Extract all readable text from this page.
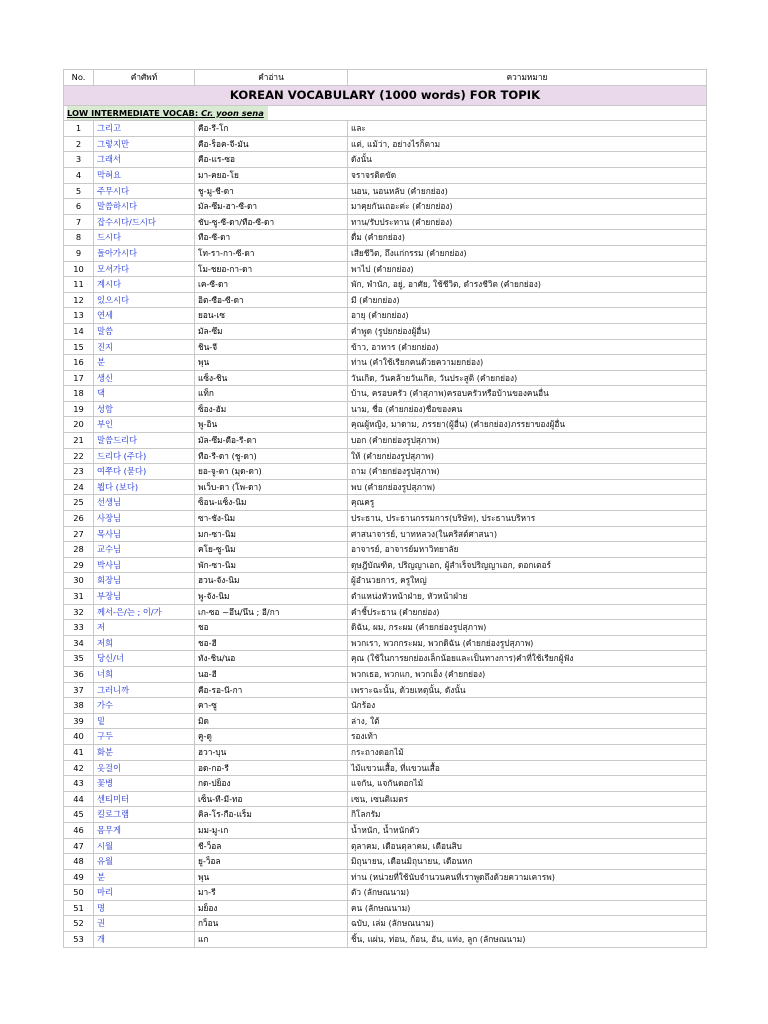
No.	คำศัพท์	คำอ่าน	ความหมาย
KOREAN VOCABULARY (1000 words) FOR TOPIK			
LOW INTERMEDIATE VOCAB: Cr. yoon sena			
1	그리고	คือ-รี-โก	และ
2	그렇지만	คือ-ร็อค-จี-มัน	แต่, แม้ว่า, อย่างไรก็ตาม
3	그래서	คือ-แร-ซอ	ดังนั้น
4	막혀요	มา-คยอ-โย	จราจรติดขัด
5	주무시다	ชู-มู-ชี-ดา	นอน, นอนหลับ (คำยกย่อง)
6	말씀하시다	มัล-ซึม-ฮา-ซี-ดา	มาคุยกันเถอะค่ะ (คำยกย่อง)
7	잡수시다/드시다	ชับ-ซู-ซี-ดา/ทือ-ซี-ดา	ทาน/รับประทาน (คำยกย่อง)
8	드시다	ทือ-ซี-ดา	ดื่ม (คำยกย่อง)
9	돌아가시다	โท-รา-กา-ซี-ดา	เสียชีวิต, ถึงแก่กรรม (คำยกย่อง)
10	모셔가다	โม-ชยอ-กา-ดา	พาไป (คำยกย่อง)
11	계시다	เค-ซี-ดา	พัก, พำนัก, อยู่, อาศัย, ใช้ชีวิต, ดำรงชีวิต (คำยกย่อง)
12	있으시다	อิต-ซือ-ซี-ดา	มี (คำยกย่อง)
13	연세	ยอน-เซ	อายุ (คำยกย่อง)
14	말씀	มัล-ซึม	คำพูด (รูปยกย่องผู้อื่น)
15	진지	ชิน-จี	ข้าว, อาหาร (คำยกย่อง)
16	분	พุน	ท่าน (คำใช้เรียกคนด้วยความยกย่อง)
17	생신	แซ็ง-ชิน	วันเกิด, วันคล้ายวันเกิด, วันประสูติ (คำยกย่อง)
18	댁	แท็ก	บ้าน, ครอบครัว (คำสุภาพ)ครอบครัวหรือบ้านของคนอื่น
19	성함	ซ็อง-ฮัม	นาม, ชื่อ (คำยกย่อง)ชื่อของคน
20	부인	พู-อิน	คุณผู้หญิง, มาดาม, ภรรยา(ผู้อื่น) (คำยกย่อง)ภรรยาของผู้อื่น
21	말씀드리다	มัล-ซึม-ดือ-รี-ดา	บอก (คำยกย่องรูปสุภาพ)
22	드리다 (주다)	ทือ-รี-ดา (ชู-ดา)	ให้ (คำยกย่องรูปสุภาพ)
23	여쭈다 (묻다)	ยอ-จู-ดา (มุด-ดา)	ถาม (คำยกย่องรูปสุภาพ)
24	뵙다 (보다)	พเว็บ-ดา (โพ-ดา)	พบ (คำยกย่องรูปสุภาพ)
25	선생님	ซ็อน-แซ็ง-นิม	คุณครู
26	사장님	ซา-ชัง-นิม	ประธาน, ประธานกรรมการ(บริษัท), ประธานบริหาร
27	목사님	มก-ซา-นิม	ศาสนาจารย์, บาทหลวง(ในคริสต์ศาสนา)
28	교수님	คโย-ซู-นิม	อาจารย์, อาจารย์มหาวิทยาลัย
29	박사님	พัก-ซา-นิม	ดุษฎีบัณฑิต, ปริญญาเอก, ผู้สำเร็จปริญญาเอก, ดอกเตอร์
30	회장님	ฮวน-จัง-นิม	ผู้อำนวยการ, ครูใหญ่
31	부장님	พู-จัง-นิม	ตำแหน่งหัวหน้าฝ่าย, หัวหน้าฝ่าย
32	께서-은/는 ; 이/가	เก-ซอ ~อึน/นึน ; อี/กา	คำชี้ประธาน (คำยกย่อง)
33	저	ชอ	ดิฉัน, ผม, กระผม (คำยกย่องรูปสุภาพ)
34	저희	ชอ-ฮี	พวกเรา, พวกกระผม, พวกดิฉัน (คำยกย่องรูปสุภาพ)
35	당신/너	ทัง-ชิน/นอ	คุณ (ใช้ในการยกย่องเล็กน้อยและเป็นทางการ)คำที่ใช้เรียกผู้ฟัง
36	너희	นอ-ฮี	พวกเธอ, พวกแก, พวกเอ็ง (คำยกย่อง)
37	그러니까	คือ-รอ-นี-กา	เพราะฉะนั้น, ด้วยเหตุนั้น, ดังนั้น
38	가수	คา-ซู	นักร้อง
39	밑	มิด	ล่าง, ใต้
40	구두	คู-ดู	รองเท้า
41	화분	ฮวา-บุน	กระถางดอกไม้
42	옷걸이	อด-กอ-รี	ไม้แขวนเสื้อ, ที่แขวนเสื้อ
43	꽃병	กด-ปย็อง	แจกัน, แจกันดอกไม้
44	센티미터	เซ็น-ที-มี-ทอ	เซน, เซนติเมตร
45	킬로그램	คิล-โร-กือ-แร็ม	กิโลกรัม
46	몸무게	มม-มู-เก	น้ำหนัก, น้ำหนักตัว
47	시월	ชี-ว็อล	ตุลาคม, เดือนตุลาคม, เดือนสิบ
48	유월	ยู-ว็อล	มิถุนายน, เดือนมิถุนายน, เดือนหก
49	분	พุน	ท่าน (หน่วยที่ใช้นับจำนวนคนที่เราพูดถึงด้วยความเคารพ)
50	마리	มา-รี	ตัว (ลักษณนาม)
51	명	มย็อง	คน (ลักษณนาม)
52	권	กว็อน	ฉบับ, เล่ม (ลักษณนาม)
53	개	แก	ชิ้น, แผ่น, ท่อน, ก้อน, อัน, แท่ง, ลูก (ลักษณนาม)
